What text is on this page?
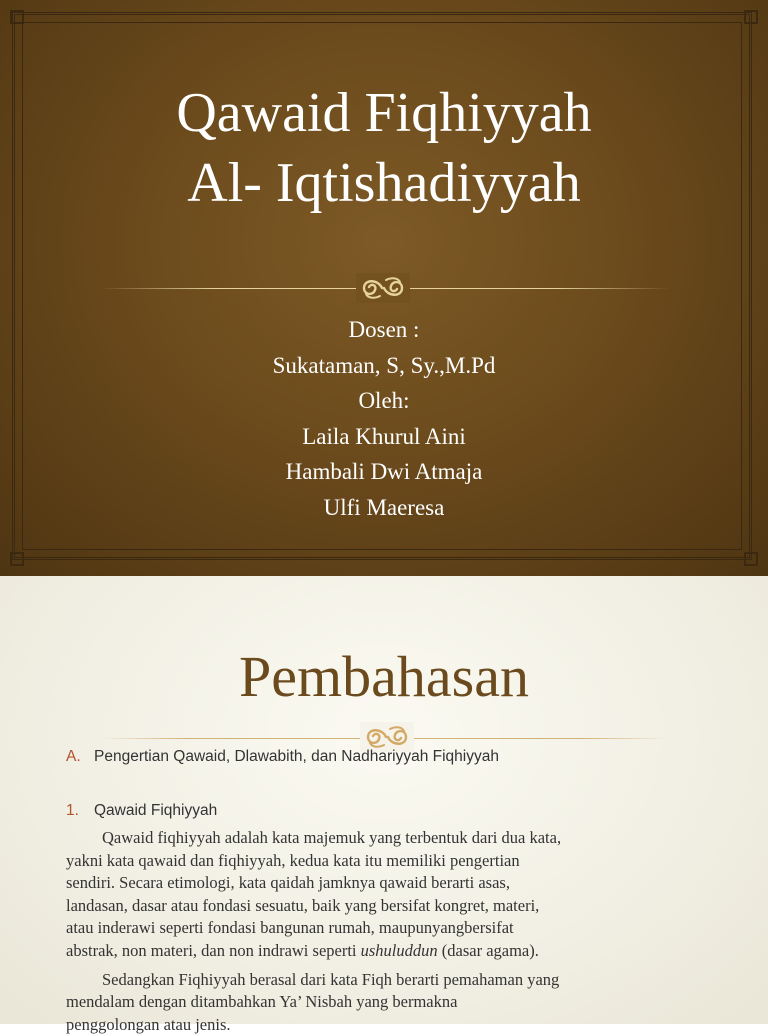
Qawaid Fiqhiyyah
Al- Iqtishadiyyah
Dosen :
Sukataman, S, Sy.,M.Pd
Oleh:
Laila Khurul Aini
Hambali Dwi Atmaja
Ulfi Maeresa
Pembahasan
A. Pengertian Qawaid, Dlawabith, dan Nadhariyyah Fiqhiyyah
1. Qawaid Fiqhiyyah

Qawaid fiqhiyyah adalah kata majemuk yang terbentuk dari dua kata,

yakni kata qawaid dan fiqhiyyah, kedua kata itu memiliki pengertian

sendiri. Secara etimologi, kata qaidah jamknya qawaid berarti asas,

landasan, dasar atau fondasi sesuatu, baik yang bersifat kongret, materi,

atau inderawi seperti fondasi bangunan rumah, maupunyangbersifat

abstrak, non materi, dan non indrawi seperti ushuluddun (dasar agama).

Sedangkan Fiqhiyyah berasal dari kata Fiqh berarti pemahaman yang

mendalam dengan ditambahkan Ya’ Nisbah yang bermakna

penggolongan atau jenis.
